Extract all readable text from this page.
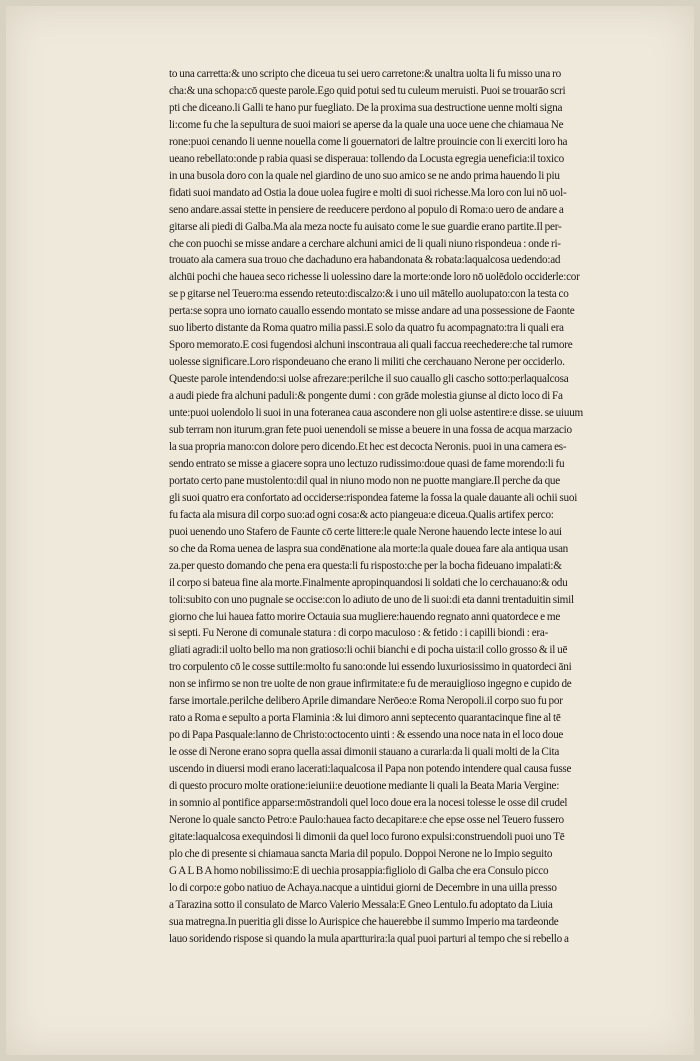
to una carretta:& uno scripto che diceua tu sei uero carretone:& unaltra uolta li fu misso una ro
cha:& una schopa:cō queste parole.Ego quid potui sed tu culeum meruisti. Puoi se trouarāo scri
pti che diceano.li Galli te hano pur fuegliato. De la proxima sua destructione uenne molti signa
li:come fu che la sepultura de suoi maiori se aperse da la quale una uoce uene che chiamaua Ne
rone:puoi cenando li uenne nouella come li gouernatori de laltre prouincie con li exerciti loro ha
ueano rebellato:onde p rabia quasi se disperaua: tollendo da Locusta egregia ueneficia:il toxico
in una busola doro con la quale nel giardino de uno suo amico se ne ando prima hauendo li piu
fidati suoi mandato ad Ostia la doue uolea fugire e molti di suoi richesse.Ma loro con lui nō uol-
seno andare.assai stette in pensiere de reeducere perdono al populo di Roma:o uero de andare a
gitarse ali piedi di Galba.Ma ala meza nocte fu auisato come le sue guardie erano partite.Il per-
che con puochi se misse andare a cerchare alchuni amici de li quali niuno rispondeua : onde ri-
trouato ala camera sua trouo che dachaduno era habandonata & robata:laqualcosa uedendo:ad
alchūi pochi che hauea seco richesse li uolessino dare la morte:onde loro nō uolēdolo occiderle:cor
se p gitarse nel Teuero:ma essendo reteuto:discalzo:& i uno uil mātello auolupato:con la testa co
perta:se sopra uno iornato cauallo essendo montato se misse andare ad una possessione de Faonte
suo liberto distante da Roma quatro milia passi.E solo da quatro fu acompagnato:tra li quali era
Sporo memorato.E cosi fugendosi alchuni inscontraua ali quali faccua reechedere:che tal rumore
uolesse significare.Loro rispondeuano che erano li militi che cerchauano Nerone per occiderlo.
Queste parole intendendo:si uolse afrezare:perilche il suo cauallo gli cascho sotto:perlaqualcosa
a audi piede fra alchuni paduli:& pongente dumi : con grāde molestia giunse al dicto loco di Fa
unte:puoi uolendolo li suoi in una foteranea caua ascondere non gli uolse astentire:e disse. se uiuum
sub terram non iturum.gran fete puoi uenendoli se misse a beuere in una fossa de acqua marzacio
la sua propria mano:con dolore pero dicendo.Et hec est decocta Neronis. puoi in una camera es-
sendo entrato se misse a giacere sopra uno lectuzo rudissimo:doue quasi de fame morendo:li fu
portato certo pane mustolento:dil qual in niuno modo non ne puotte mangiare.Il perche da que
gli suoi quatro era confortato ad occiderse:rispondea fateme la fossa la quale dauante ali ochii suoi
fu facta ala misura dil corpo suo:ad ogni cosa:& acto piangeua:e diceua.Qualis artifex perco:
puoi uenendo uno Stafero de Faunte cō certe littere:le quale Nerone hauendo lecte intese lo aui
so che da Roma uenea de laspra sua condēnatione ala morte:la quale douea fare ala antiqua usan
za.per questo domando che pena era questa:li fu risposto:che per la bocha fideuano impalati:&
il corpo si bateua fine ala morte.Finalmente apropinquandosi li soldati che lo cerchauano:& odu
toli:subito con uno pugnale se occise:con lo adiuto de uno de li suoi:di eta danni trentaduitin simil
giorno che lui hauea fatto morire Octauia sua mugliere:hauendo regnato anni quatordece e me
si septi. Fu Nerone di comunale statura : di corpo maculoso : & fetido : i capilli biondi : era-
gliati agradi:il uolto bello ma non gratioso:li ochii bianchi e di pocha uista:il collo grosso & il uē
tro corpulento cō le cosse suttile:molto fu sano:onde lui essendo luxuriosissimo in quatordeci āni
non se infirmo se non tre uolte de non graue infirmitate:e fu de merauiglioso ingegno e cupido de
farse imortale.perilche delibero Aprile dimandare Nerōeo:e Roma Neropoli.il corpo suo fu por
rato a Roma e sepulto a porta Flaminia :& lui dimoro anni septecento quarantacinque fine al tē
po di Papa Pasquale:lanno de Christo:octocento uinti : & essendo una noce nata in el loco doue
le osse di Nerone erano sopra quella assai dimonii stauano a curarla:da li quali molti de la Cita
uscendo in diuersi modi erano lacerati:laqualcosa il Papa non potendo intendere qual causa fusse
di questo procuro molte oratione:ieiunii:e deuotione mediante li quali la Beata Maria Vergine:
in somnio al pontifice apparse:mōstrandoli quel loco doue era la nocesi tolesse le osse dil crudel
Nerone lo quale sancto Petro:e Paulo:hauea facto decapitare:e che epse osse nel Teuero fussero
gitate:laqualcosa exequindosi li dimonii da quel loco furono expulsi:construendoli puoi uno Tē
plo che di presente si chiamaua sancta Maria dil populo. Doppoi Nerone ne lo Impio seguito
G A L B A homo nobilissimo:E di uechia prosappia:figliolo di Galba che era Consulo picco
lo di corpo:e gobo natiuo de Achaya.nacque a uintidui giorni de Decembre in una uilla presso
a Tarazina sotto il consulato de Marco Valerio Messala:E Gneo Lentulo.fu adoptato da Liuia
sua matregna.In pueritia gli disse lo Aurispice che hauerebbe il summo Imperio ma tardeonde
lauo soridendo rispose si quando la mula apartturira:la qual puoi parturi al tempo che si rebello a
